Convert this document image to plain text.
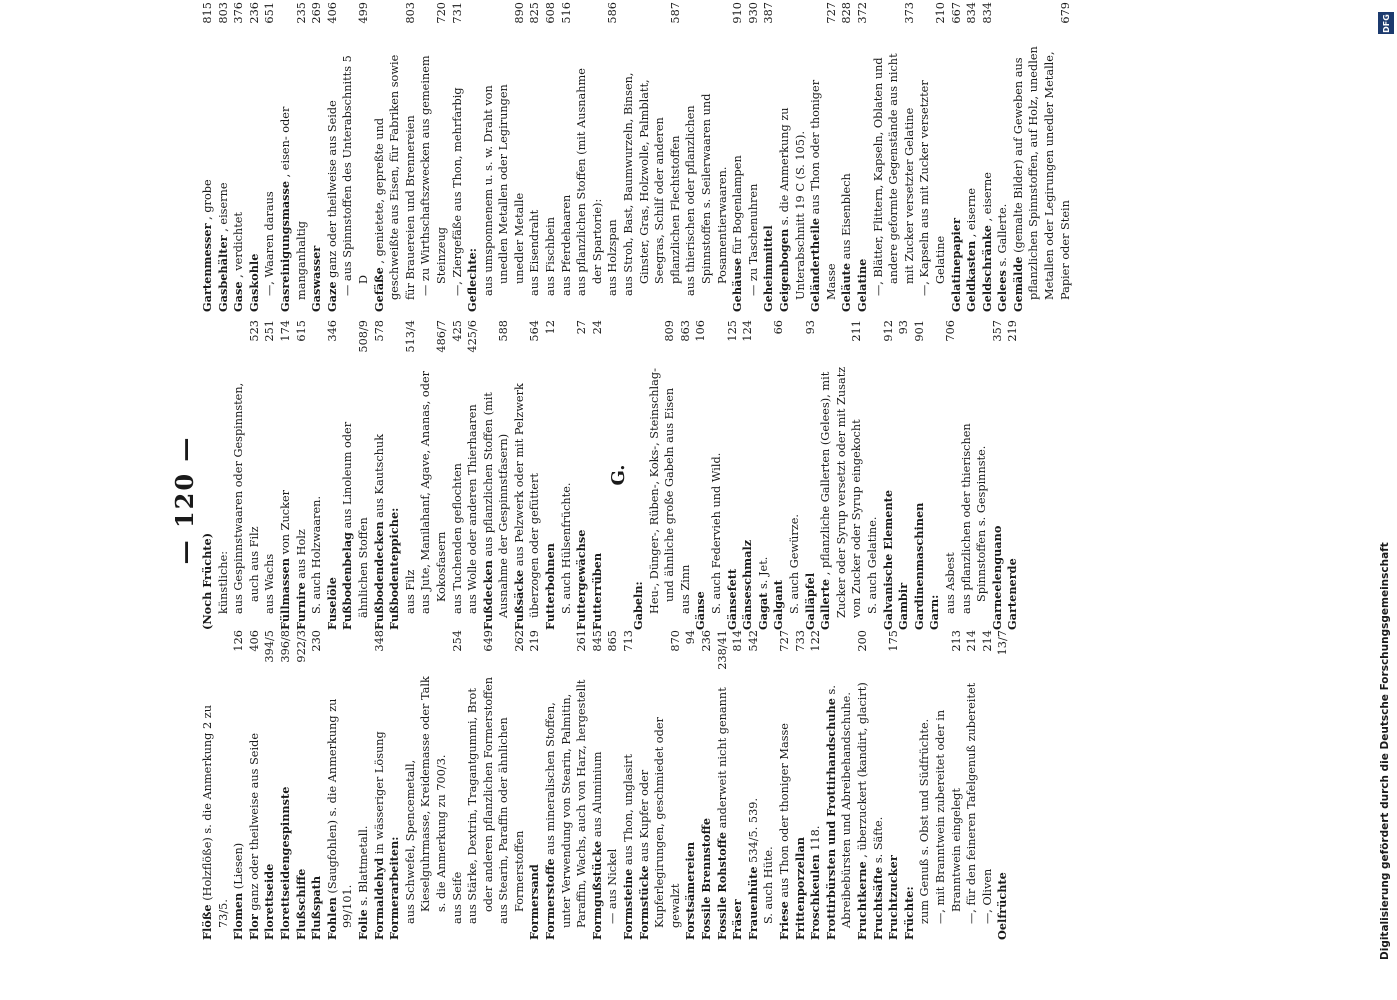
— 120 —
Flöße (Holzflöße) s. die Anmerkung 2 zu 73/5. Flomen (Liesen)
126
Flor ganz oder theilweise aus Seide
406
Florettseide
394/5
Florettseidengespinnste
396/8
Flußschiffe
922/3
Flußspath
230
Fohlen (Saugfohlen) s. die Anmerkung zu 99/101. Folie s. Blattmetall. Formaldehyd in wässeriger Lösung
348
Formerarbeiten: aus Schwefel, Spencemetall, Kieselguhrmasse, Kreidemasse oder Talk s. die Anmerkung zu 700/3. aus Seife
254
aus Stärke, Dextrin, Tragantgummi, Brot oder anderen pflanzlichen Formerstoffen
649
aus Stearin, Paraffin oder ähnlichen Formerstoffen
262
Formersand
219
Formerstoffe aus mineralischen Stoffen, unter Verwendung von Stearin, Palmitin, Paraffin, Wachs, auch von Harz, hergestellt
261
Formgußstücke aus Aluminium
845
— aus Nickel
865
Formsteine aus Thon, unglasirt
713
Formstücke aus Kupfer oder Kupferlegirungen, geschmiedet oder gewalzt
870
Forstsämereien
94
Fossile Brennstoffe
236
Fossile Rohstoffe anderweit nicht genannt
238/41
Fräser
814
Frauenhüte 534/5. 539.
542
S. auch Hüte. Friese aus Thon oder thoniger Masse
727
Frittenporzellan
733
Froschkeulen 118.
122
Frottirbürsten und Frottirhandschuhe s. Abreibebürsten und Abreibehandschuhe. Fruchtkerne , überzuckert (kandirt, glacirt)
200
Fruchtsäfte s. Säfte.
Fruchtzucker
175
Früchte: zum Genuß s. Obst und Südfrüchte. —, mit Branntwein zubereitet oder in Branntwein eingelegt
213
—, für den feineren Tafelgenuß zubereitet
214
—, Oliven
214
Oelfrüchte
13/7
(Noch Früchte) künstliche: aus Gespinnstwaaren oder Gespinnsten, auch aus Filz
523
aus Wachs
251
Füllmassen von Zucker
174
Furnire aus Holz
615
S. auch Holzwaaren. Fuselöle
346
Fußbodenbelag aus Linoleum oder ähnlichen Stoffen
508/9
Fußbodendecken aus Kautschuk
578
Fußbodenteppiche: aus Filz
513/4
aus Jute, Manilahanf, Agave, Ananas, oder Kokosfasern
486/7
aus Tuchenden geflochten
425
aus Wolle oder anderen Thierhaaren
425/6
Fußdecken aus pflanzlichen Stoffen (mit Ausnahme der Gespinnstfasern)
588
Fußsäcke aus Pelzwerk oder mit Pelzwerk überzogen oder gefüttert
564
Futterbohnen
12
S. auch Hülsenfrüchte. Futtergewächse
27
Futterrüben
24
G.
Gabeln: Heu-, Dünger-, Rüben-, Koks-, Steinschlag- und ähnliche große Gabeln aus Eisen
809
aus Zinn
863
Gänse
106
S. auch Federvieh und Wild. Gänsefett
125
Gänseschmalz
124
Gagat s. Jet.
Galgant
66
S. auch Gewürze. Galläpfel
93
Gallerte , pflanzliche Gallerten (Gelees), mit Zucker oder Syrup versetzt oder mit Zusatz von Zucker oder Syrup eingekocht
211
S. auch Gelatine. Galvanische Elemente
912
Gambir
93
Gardinenmaschinen
901
Garn: aus Asbest
706
aus pflanzlichen oder thierischen Spinnstoffen s. Gespinnste. Garneelenguano
357
Gartenerde
219
Gartenmesser , grobe
815
Gasbehälter , eiserne
803
Gase , verdichtet
376
Gaskohle
236
—, Waaren daraus
651
Gasreinigungsmasse , eisen- oder manganhaltig
235
Gaswasser
269
Gaze ganz oder theilweise aus Seide
406
— aus Spinnstoffen des Unterabschnitts 5 D
499
Gefäße , genietete, gepreßte und geschweißte aus Eisen, für Fabriken sowie für Brauereien und Brennereien
803
— zu Wirthschaftszwecken aus gemeinem Steinzeug
720
—, Ziergefäße aus Thon, mehrfarbig
731
Geflechte: aus umsponnenem u. s. w. Draht von unedlen Metallen oder Legirungen unedler Metalle
890
aus Eisendraht
825
aus Fischbein
608
aus Pferdehaaren
516
aus pflanzlichen Stoffen (mit Ausnahme der Spartorie): aus Holzspan
586
aus Stroh, Bast, Baumwurzeln, Binsen, Ginster, Gras, Holzwolle, Palmblatt, Seegras, Schilf oder anderen pflanzlichen Flechtstoffen
587
aus thierischen oder pflanzlichen Spinnstoffen s. Seilerwaaren und Posamentierwaaren.
Gehäuse für Bogenlampen
910
— zu Taschenuhren
930
Geheimmittel
387
Geigenbogen s. die Anmerkung zu Unterabschnitt 19 C (S. 105). Geländertheile aus Thon oder thoniger Masse
727
Geläute aus Eisenblech
828
Gelatine
372
—, Blätter, Flittern, Kapseln, Oblaten und andere geformte Gegenstände aus nicht mit Zucker versetzter Gelatine
373
—, Kapseln aus mit Zucker versetzter Gelatine
210
Gelatinepapier
667
Geldkasten , eiserne
834
Geldschränke , eiserne
834
Gelees s. Gallerte.
Gemälde (gemalte Bilder) auf Geweben aus pflanzlichen Spinnstoffen, auf Holz, unedlen Metallen oder Legirungen unedler Metalle, Papier oder Stein
679	DFG
Digitalisierung gefördert durch die Deutsche Forschungsgemeinschaft
